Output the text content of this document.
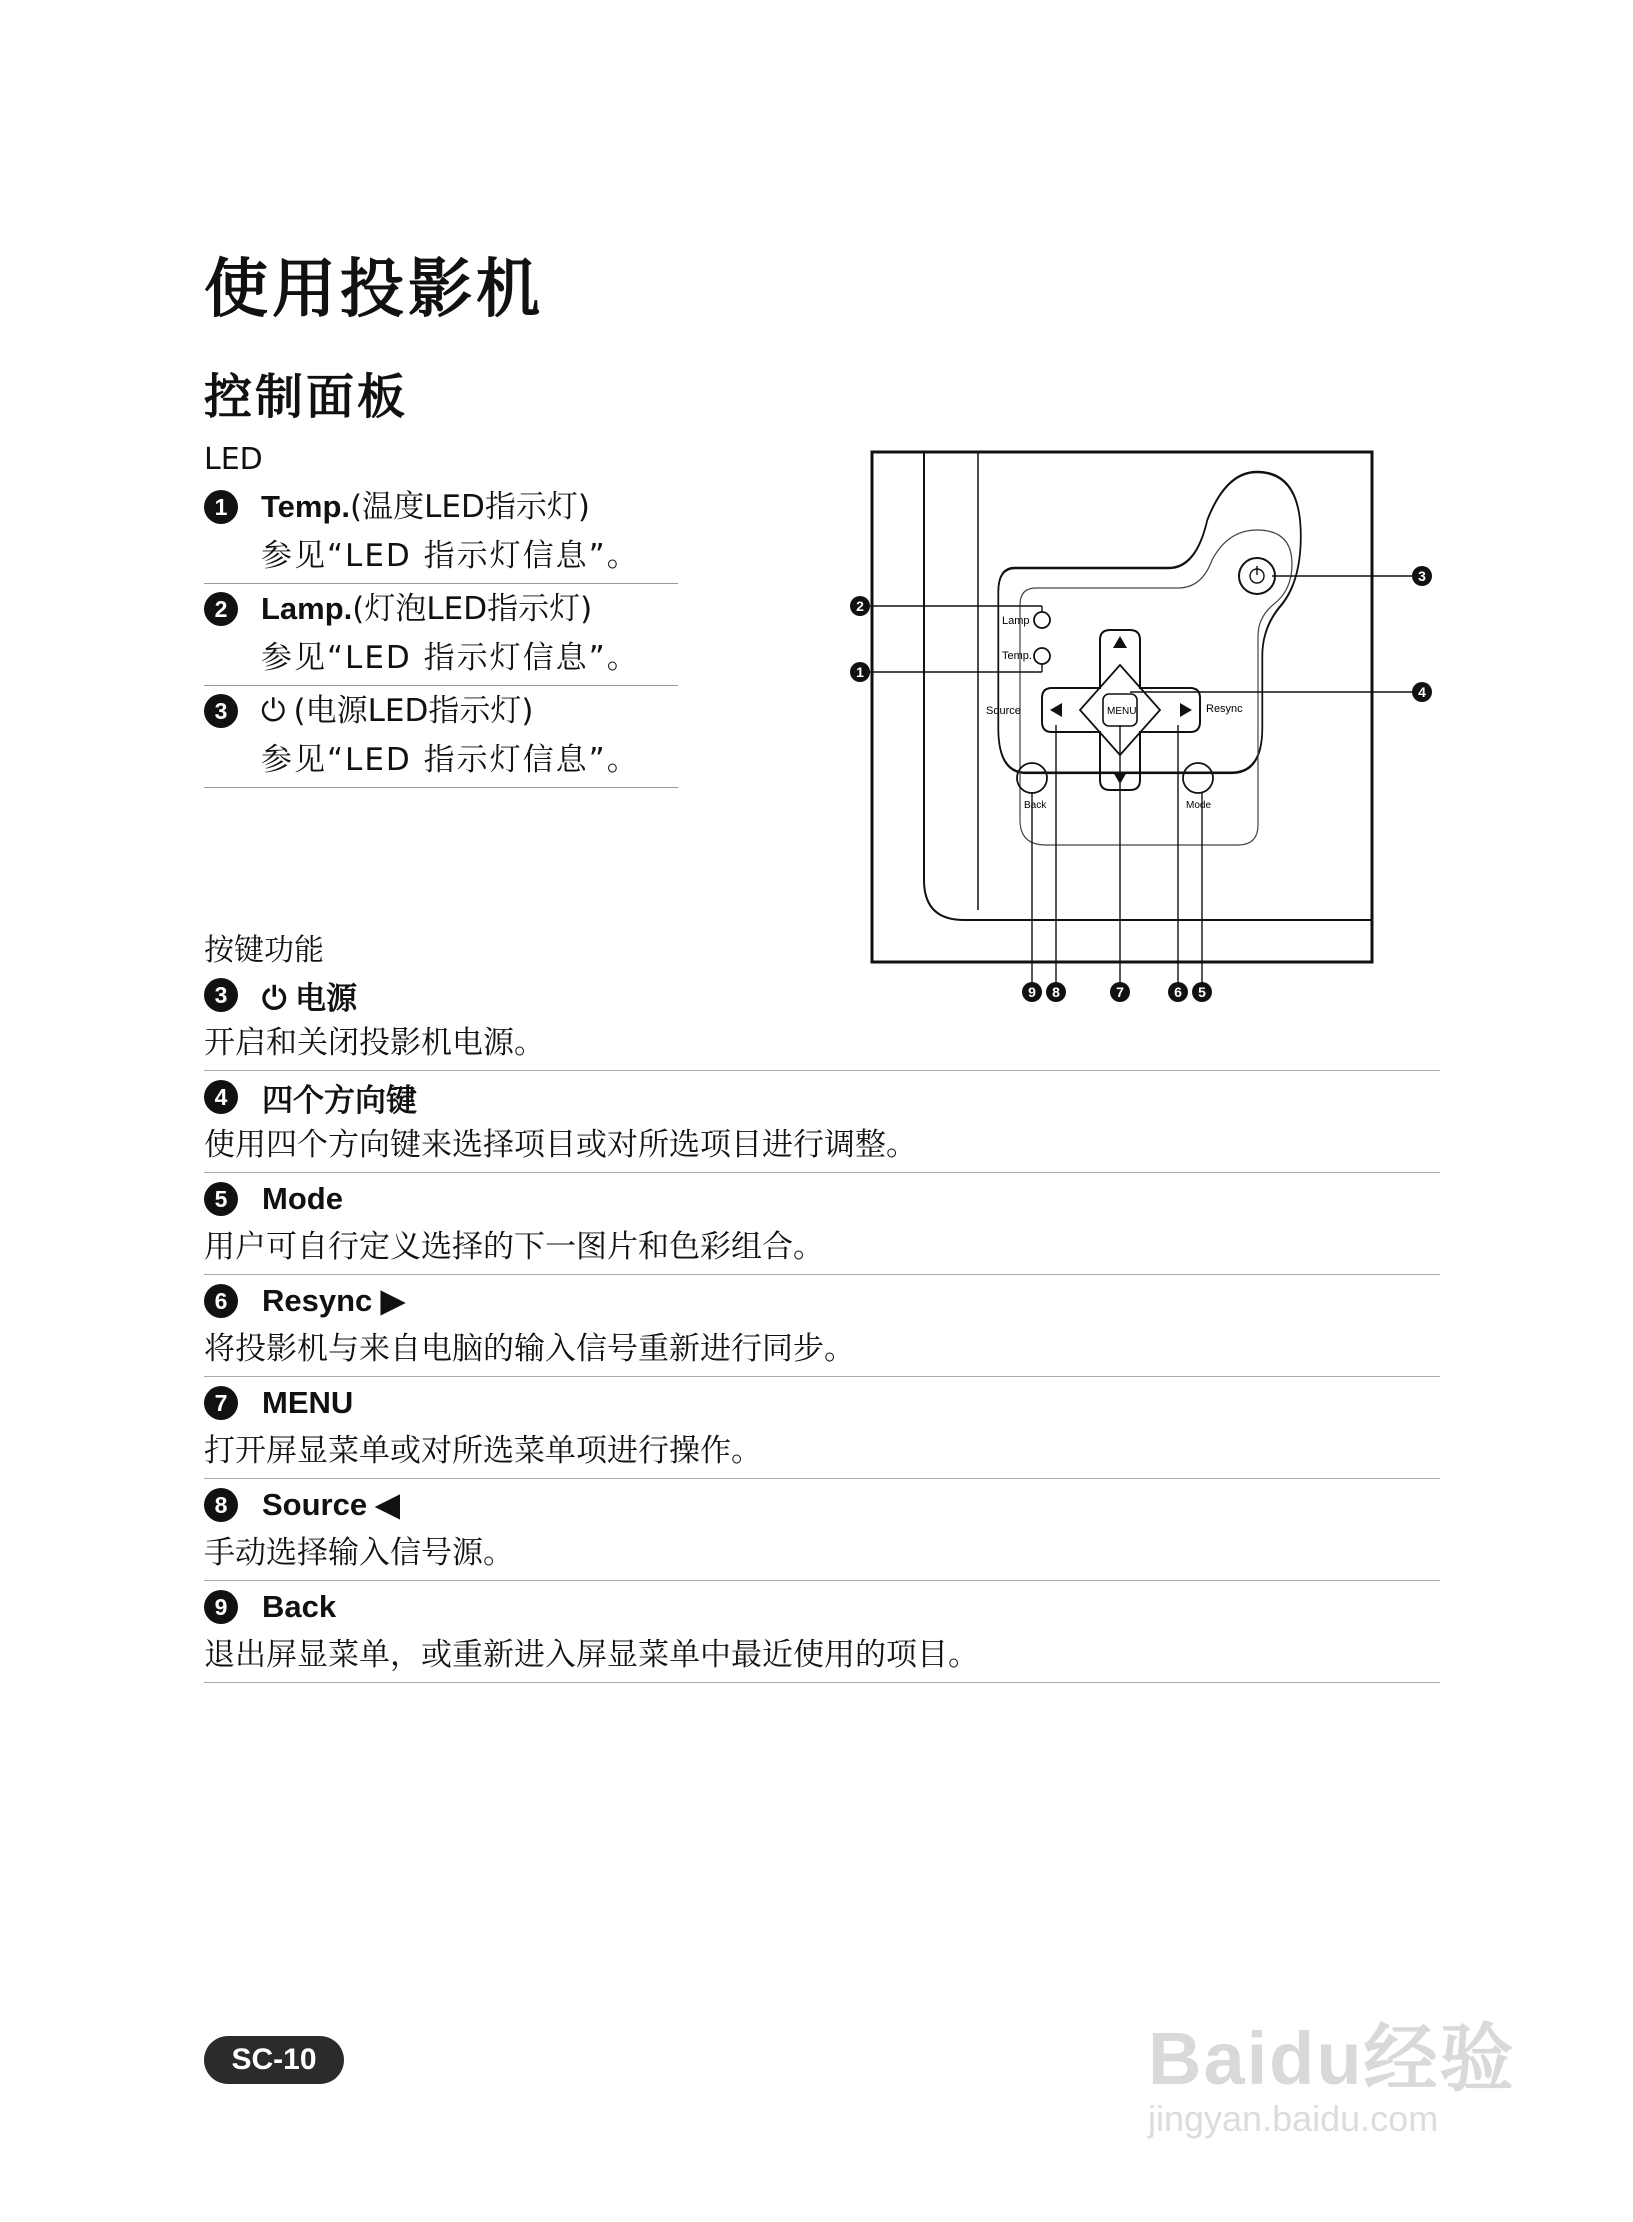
使用投影机
控制面板
LED
1	Temp. (温度LED指示灯)
参见“LED 指示灯信息”。
2	Lamp. (灯泡LED指示灯)
参见“LED 指示灯信息”。
3	⏻ (电源LED指示灯)
参见“LED 指示灯信息”。
按键功能
3	⏻ 电源
开启和关闭投影机电源。
4	四个方向键
使用四个方向键来选择项目或对所选项目进行调整。
5	Mode
用户可自行定义选择的下一图片和色彩组合。
6	Resync ▶
将投影机与来自电脑的输入信号重新进行同步。
7	MENU
打开屏显菜单或对所选菜单项进行操作。
8	Source ◀
手动选择输入信号源。
9	Back
退出屏显菜单，或重新进入屏显菜单中最近使用的项目。
Lamp
Temp.
MENU
Source	Resync
Back	Mode
2
1
3
4
9 8	7	6 5
SC-10	Baidu经验
jingyan.baidu.com
